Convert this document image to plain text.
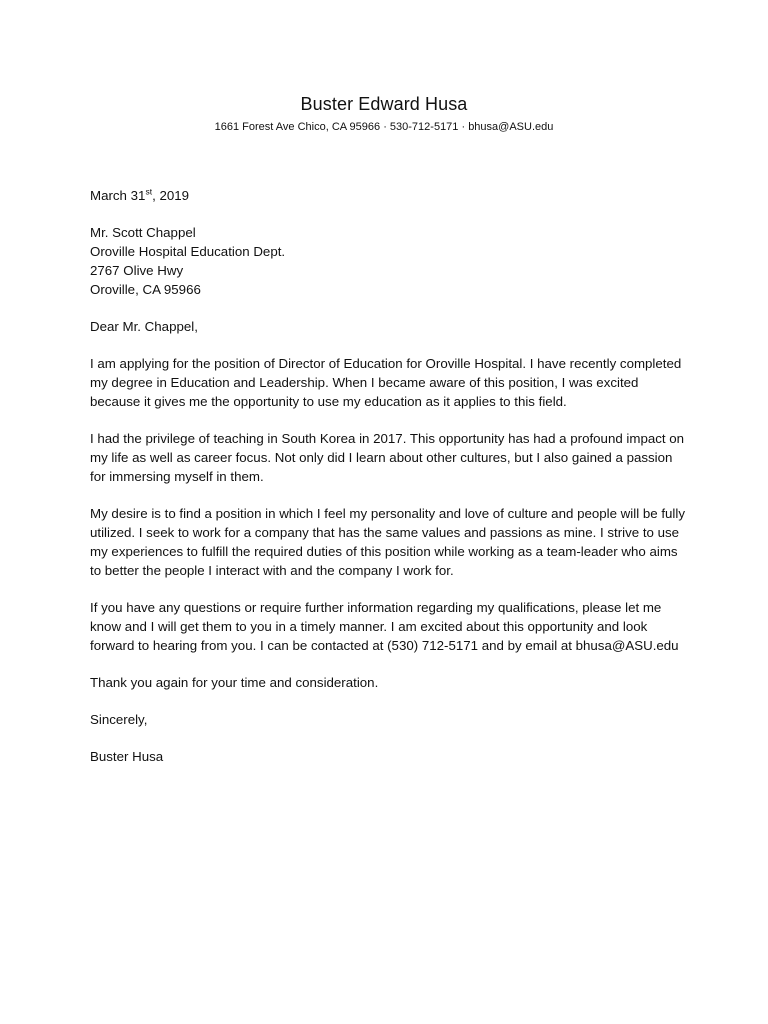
Buster Edward Husa
1661 Forest Ave Chico, CA 95966 · 530-712-5171 · bhusa@ASU.edu
March 31st, 2019
Mr. Scott Chappel
Oroville Hospital Education Dept.
2767 Olive Hwy
Oroville, CA 95966

Dear Mr. Chappel,

I am applying for the position of Director of Education for Oroville Hospital. I have recently completed my degree in Education and Leadership. When I became aware of this position, I was excited because it gives me the opportunity to use my education as it applies to this field.

I had the privilege of teaching in South Korea in 2017. This opportunity has had a profound impact on my life as well as career focus. Not only did I learn about other cultures, but I also gained a passion for immersing myself in them.

My desire is to find a position in which I feel my personality and love of culture and people will be fully utilized. I seek to work for a company that has the same values and passions as mine. I strive to use my experiences to fulfill the required duties of this position while working as a team-leader who aims to better the people I interact with and the company I work for.

If you have any questions or require further information regarding my qualifications, please let me know and I will get them to you in a timely manner. I am excited about this opportunity and look forward to hearing from you. I can be contacted at (530) 712-5171 and by email at bhusa@ASU.edu

Thank you again for your time and consideration.

Sincerely,

Buster Husa
